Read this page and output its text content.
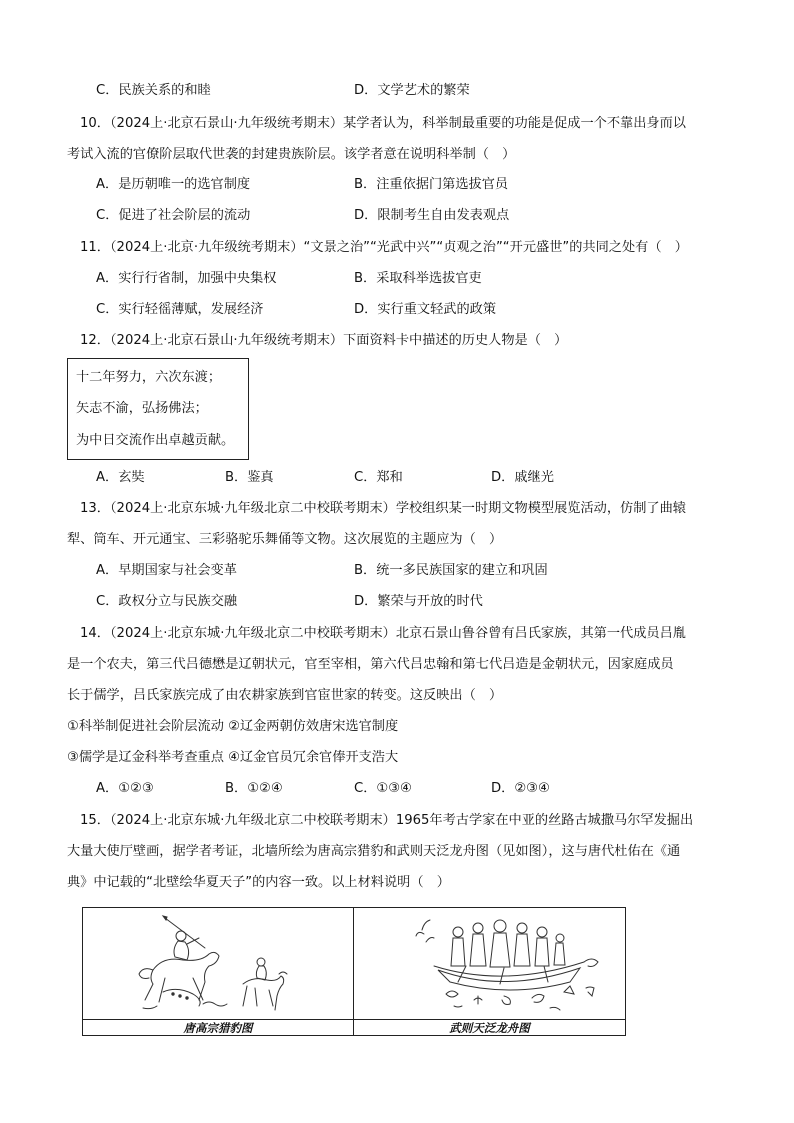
C．民族关系的和睦	D．文学艺术的繁荣
10．（2024上·北京石景山·九年级统考期末）某学者认为，科举制最重要的功能是促成一个不靠出身而以
考试入流的官僚阶层取代世袭的封建贵族阶层。该学者意在说明科举制（　）
A．是历朝唯一的选官制度	B．注重依据门第选拔官员
C．促进了社会阶层的流动	D．限制考生自由发表观点
11．（2024上·北京·九年级统考期末）“文景之治”“光武中兴”“贞观之治”“开元盛世”的共同之处有（　）
A．实行行省制，加强中央集权	B．采取科举选拔官吏
C．实行轻徭薄赋，发展经济	D．实行重文轻武的政策
12．（2024上·北京石景山·九年级统考期末）下面资料卡中描述的历史人物是（　）
十二年努力，六次东渡；
矢志不渝，弘扬佛法；
为中日交流作出卓越贡献。
A．玄奘	B．鉴真	C．郑和	D．戚继光
13．（2024上·北京东城·九年级北京二中校联考期末）学校组织某一时期文物模型展览活动，仿制了曲辕
犁、筒车、开元通宝、三彩骆驼乐舞俑等文物。这次展览的主题应为（　）
A．早期国家与社会变革	B．统一多民族国家的建立和巩固
C．政权分立与民族交融	D．繁荣与开放的时代
14．（2024上·北京东城·九年级北京二中校联考期末）北京石景山鲁谷曾有吕氏家族，其第一代成员吕胤
是一个农夫，第三代吕德懋是辽朝状元，官至宰相，第六代吕忠翰和第七代吕造是金朝状元，因家庭成员
长于儒学，吕氏家族完成了由农耕家族到官宦世家的转变。这反映出（　）
①科举制促进社会阶层流动 ②辽金两朝仿效唐宋选官制度
③儒学是辽金科举考查重点 ④辽金官员冗余官俸开支浩大
A．①②③	B．①②④	C．①③④	D．②③④
15．（2024上·北京东城·九年级北京二中校联考期末）1965年考古学家在中亚的丝路古城撒马尔罕发掘出
大量大使厅壁画，据学者考证，北墙所绘为唐高宗猎豹和武则天泛龙舟图（见如图），这与唐代杜佑在《通
典》中记载的“北壁绘华夏天子”的内容一致。以上材料说明（　）
唐高宗猎豹图	武则天泛龙舟图
